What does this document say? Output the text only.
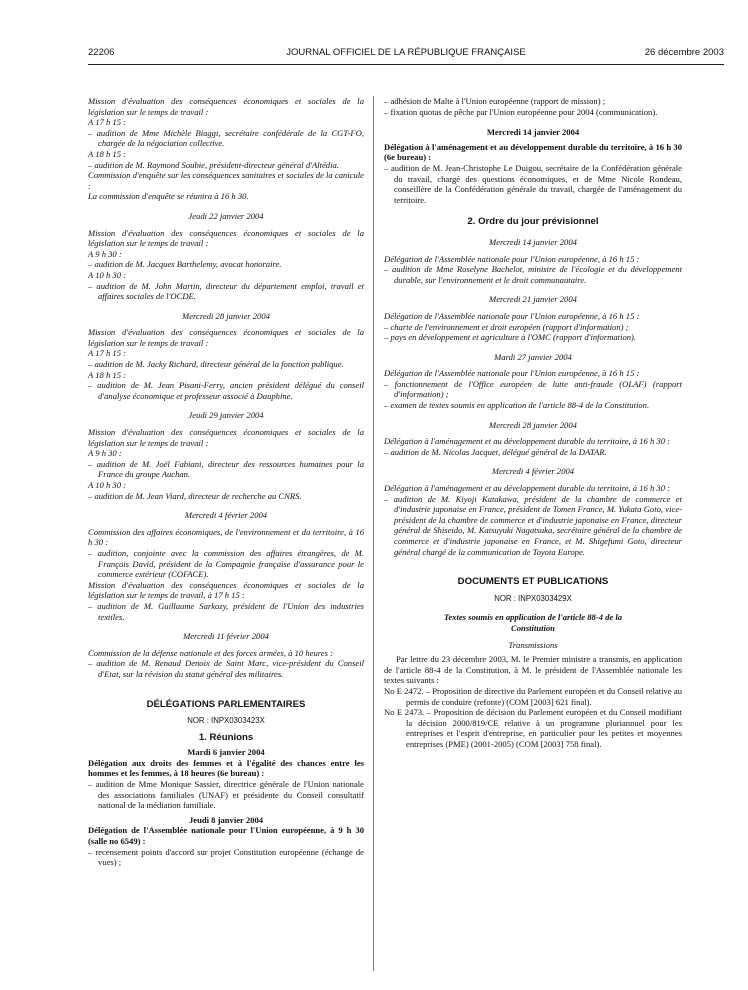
22206	JOURNAL OFFICIEL DE LA RÉPUBLIQUE FRANÇAISE	26 décembre 2003

Mission d'évaluation des conséquences économiques et sociales de la législation sur le temps de travail :

A 17 h 15 :

– audition de Mme Michèle Biaggi, secrétaire confédérale de la CGT-FO, chargée de la négociation collective.

A 18 h 15 :

– audition de M. Raymond Soubie, président-directeur général d'Altédia.

Commission d'enquête sur les conséquences sanitaires et sociales de la canicule :

La commission d'enquête se réunira à 16 h 30.

Jeudi 22 janvier 2004

Mission d'évaluation des conséquences économiques et sociales de la législation sur le temps de travail :

A 9 h 30 :

– audition de M. Jacques Barthelemy, avocat honoraire.

A 10 h 30 :

– audition de M. John Martin, directeur du département emploi, travail et affaires sociales de l'OCDE.

Mercredi 28 janvier 2004

Mission d'évaluation des conséquences économiques et sociales de la législation sur le temps de travail :

A 17 h 15 :

– audition de M. Jacky Richard, directeur général de la fonction publique.

A 18 h 15 :

– audition de M. Jean Pisani-Ferry, ancien président délégué du conseil d'analyse économique et professeur associé à Dauphine.

Jeudi 29 janvier 2004

Mission d'évaluation des conséquences économiques et sociales de la législation sur le temps de travail :

A 9 h 30 :

– audition de M. Joël Fabiani, directeur des ressources humaines pour la France du groupe Auchan.

A 10 h 30 :

– audition de M. Jean Viard, directeur de recherche au CNRS.

Mercredi 4 février 2004

Commission des affaires économiques, de l'environnement et du territoire, à 16 h 30 :

– audition, conjointe avec la commission des affaires étrangères, de M. François David, président de la Compagnie française d'assurance pour le commerce extérieur (COFACE).

Mission d'évaluation des conséquences économiques et sociales de la législation sur le temps de travail, à 17 h 15 :

– audition de M. Guillaume Sarkozy, président de l'Union des industries textiles.

Mercredi 11 février 2004

Commission de la défense nationale et des forces armées, à 10 heures :

– audition de M. Renaud Denoix de Saint Marc, vice-président du Conseil d'Etat, sur la révision du statut général des militaires.

DÉLÉGATIONS PARLEMENTAIRES

NOR : INPX0303423X

1. Réunions

Mardi 6 janvier 2004

Délégation aux droits des femmes et à l'égalité des chances entre les hommes et les femmes, à 18 heures (6e bureau) :

– audition de Mme Monique Sassier, directrice générale de l'Union nationale des associations familiales (UNAF) et présidente du Conseil consultatif national de la médiation familiale.

Jeudi 8 janvier 2004

Délégation de l'Assemblée nationale pour l'Union européenne, à 9 h 30 (salle no 6549) :

– recensement points d'accord sur projet Constitution européenne (échange de vues) ;

– adhésion de Malte à l'Union européenne (rapport de mission) ;

– fixation quotas de pêche par l'Union européenne pour 2004 (communication).

Mercredi 14 janvier 2004

Délégation à l'aménagement et au développement durable du territoire, à 16 h 30 (6e bureau) :

– audition de M. Jean-Christophe Le Duigou, secrétaire de la Confédération générale du travail, chargé des questions économiques, et de Mme Nicole Rondeau, conseillère de la Confédération générale du travail, chargée de l'aménagement du territoire.

2. Ordre du jour prévisionnel

Mercredi 14 janvier 2004

Délégation de l'Assemblée nationale pour l'Union européenne, à 16 h 15 :

– audition de Mme Roselyne Bachelot, ministre de l'écologie et du développement durable, sur l'environnement et le droit communautaire.

Mercredi 21 janvier 2004

Délégation de l'Assemblée nationale pour l'Union européenne, à 16 h 15 :

– charte de l'environnement et droit européen (rapport d'information) ;

– pays en développement et agriculture à l'OMC (rapport d'information).

Mardi 27 janvier 2004

Délégation de l'Assemblée nationale pour l'Union européenne, à 16 h 15 :

– fonctionnement de l'Office européen de lutte anti-fraude (OLAF) (rapport d'information) ;

– examen de textes soumis en application de l'article 88-4 de la Constitution.

Mercredi 28 janvier 2004

Délégation à l'aménagement et au développement durable du territoire, à 16 h 30 :

– audition de M. Nicolas Jacquet, délégué général de la DATAR.

Mercredi 4 février 2004

Délégation à l'aménagement et au développement durable du territoire, à 16 h 30 :

– audition de M. Kiyoji Katakawa, président de la chambre de commerce et d'industrie japonaise en France, président de Tomen France, M. Yukata Goto, vice-président de la chambre de commerce et d'industrie japonaise en France, directeur général de Shiseido, M. Katsuyuki Nagatsuka, secrétaire général de la chambre de commerce et d'industrie japonaise en France, et M. Shigefumi Goto, directeur général chargé de la communication de Toyota Europe.

DOCUMENTS ET PUBLICATIONS

NOR : INPX0303429X

Textes soumis en application de l'article 88-4 de la Constitution

Transmissions

Par lettre du 23 décembre 2003, M. le Premier ministre a transmis, en application de l'article 88-4 de la Constitution, à M. le président de l'Assemblée nationale les textes suivants :

No E 2472. – Proposition de directive du Parlement européen et du Conseil relative au permis de conduire (refonte) (COM [2003] 621 final).

No E 2473. – Proposition de décision du Parlement européen et du Conseil modifiant la décision 2000/819/CE relative à un programme pluriannuel pour les entreprises et l'esprit d'entreprise, en particulier pour les petites et moyennes entreprises (PME) (2001-2005) (COM [2003] 758 final).
